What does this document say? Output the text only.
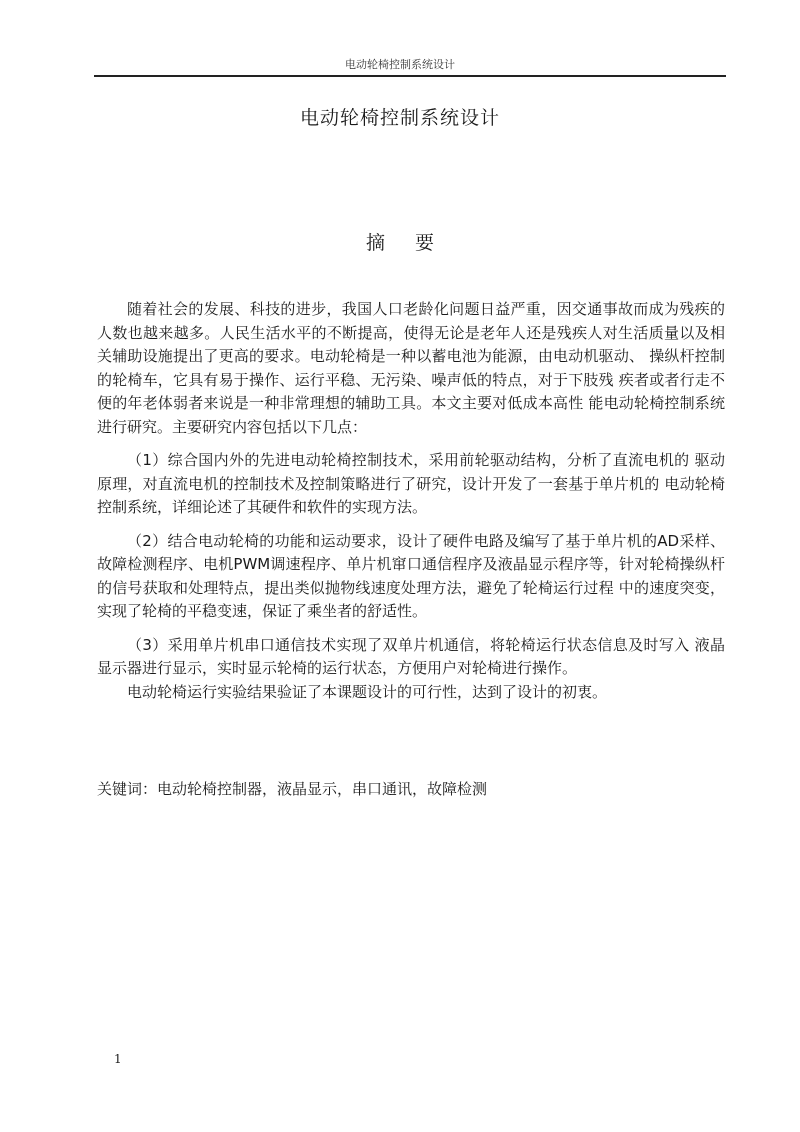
电动轮椅控制系统设计
电动轮椅控制系统设计
摘 要

随着社会的发展、科技的进步，我国人口老龄化问题日益严重，因交通事故而成为残疾的人数也越来越多。人民生活水平的不断提高，使得无论是老年人还是残疾人对生活质量以及相关辅助设施提出了更高的要求。电动轮椅是一种以蓄电池为能源，由电动机驱动、 操纵杆控制的轮椅车，它具有易于操作、运行平稳、无污染、噪声低的特点，对于下肢残 疾者或者行走不便的年老体弱者来说是一种非常理想的辅助工具。本文主要对低成本高性 能电动轮椅控制系统进行研究。主要研究内容包括以下几点：

（1）综合国内外的先进电动轮椅控制技术，采用前轮驱动结构，分析了直流电机的 驱动原理，对直流电机的控制技术及控制策略进行了研究，设计开发了一套基于单片机的 电动轮椅控制系统，详细论述了其硬件和软件的实现方法。

（2）结合电动轮椅的功能和运动要求，设计了硬件电路及编写了基于单片机的AD采样、故障检测程序、电机PWM调速程序、单片机窜口通信程序及液晶显示程序等，针对轮椅操纵杆的信号获取和处理特点，提出类似抛物线速度处理方法，避免了轮椅运行过程 中的速度突变，实现了轮椅的平稳变速，保证了乘坐者的舒适性。

（3）采用单片机串口通信技术实现了双单片机通信，将轮椅运行状态信息及时写入 液晶显示器进行显示，实时显示轮椅的运行状态，方便用户对轮椅进行操作。

电动轮椅运行实验结果验证了本课题设计的可行性，达到了设计的初衷。

关键词：电动轮椅控制器，液晶显示，串口通讯，故障检测
1
